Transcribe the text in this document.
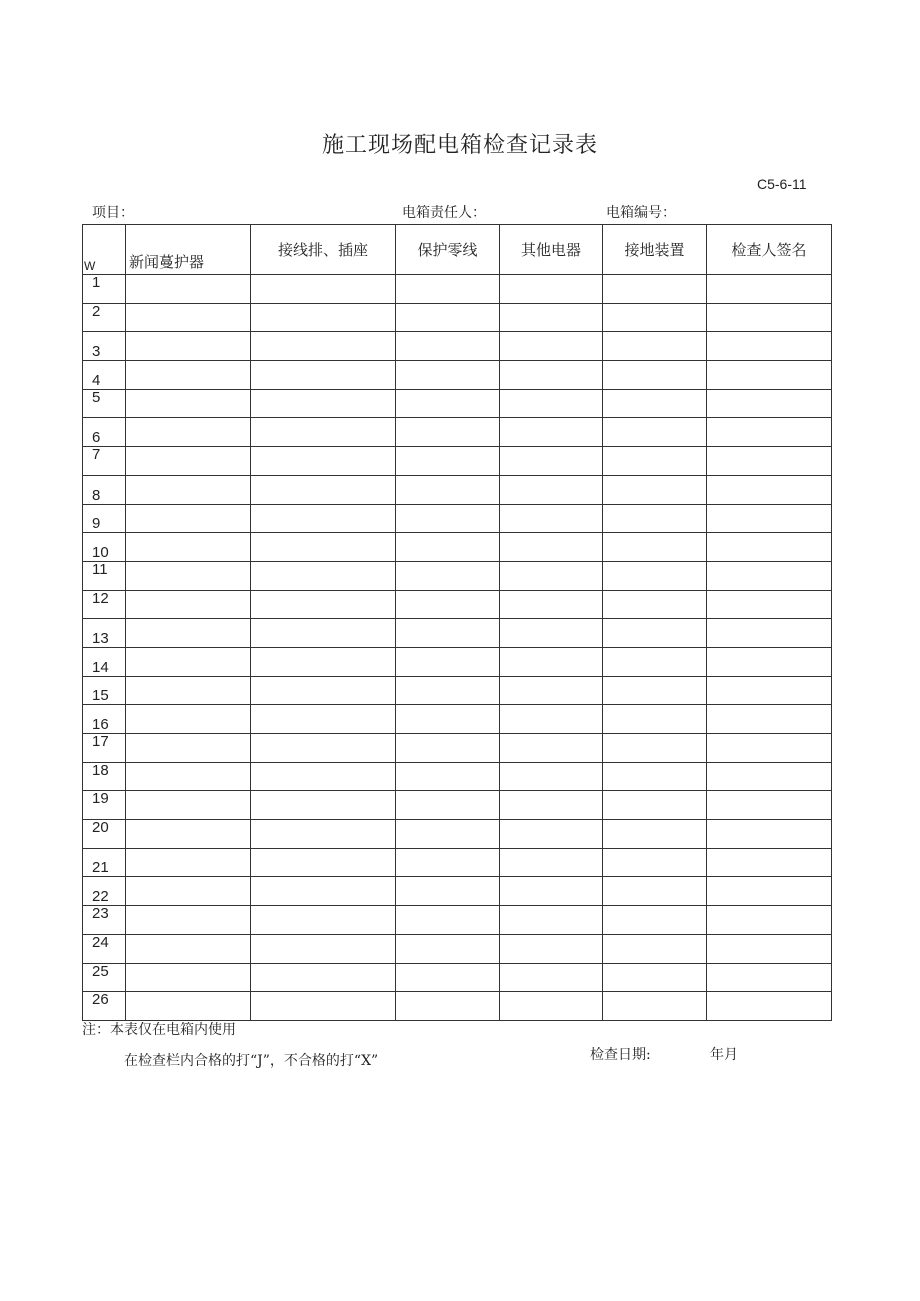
施工现场配电箱检查记录表
C5-6-11
项目：	电箱责任人：	电箱编号：
W	新闻蔓护器	接线排、插座	保护零线	其他电器	接地装置	检查人签名
1						
2						
3						
4						
5						
6						
7						
8						
9						
10						
11						
12						
13						
14						
15						
16						
17						
18						
19						
20						
21						
22						
23						
24						
25						
26						
注：本表仅在电箱内使用
在检查栏内合格的打“J”，不合格的打“X”	检查日期:	年月
